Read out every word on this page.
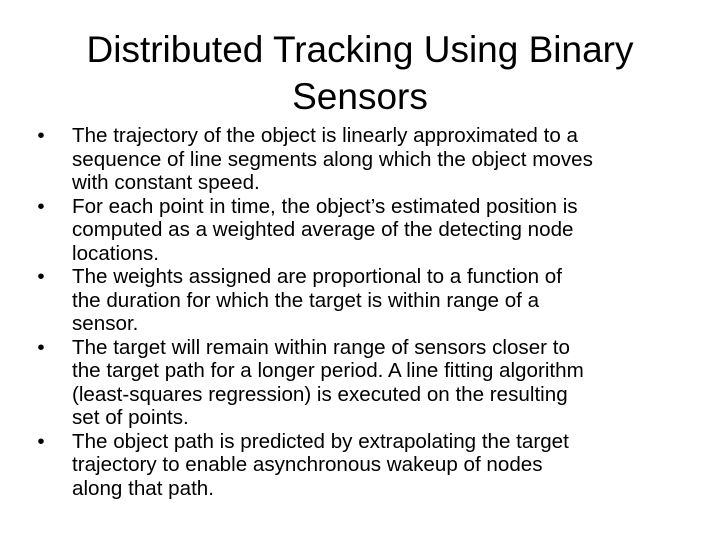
Distributed Tracking Using Binary
Sensors
• The trajectory of the object is linearly approximated to a
sequence of line segments along which the object moves
with constant speed.
• For each point in time, the object’s estimated position is
computed as a weighted average of the detecting node
locations.
• The weights assigned are proportional to a function of
the duration for which the target is within range of a
sensor.
• The target will remain within range of sensors closer to
the target path for a longer period. A line fitting algorithm
(least-squares regression) is executed on the resulting
set of points.
• The object path is predicted by extrapolating the target
trajectory to enable asynchronous wakeup of nodes
along that path.
